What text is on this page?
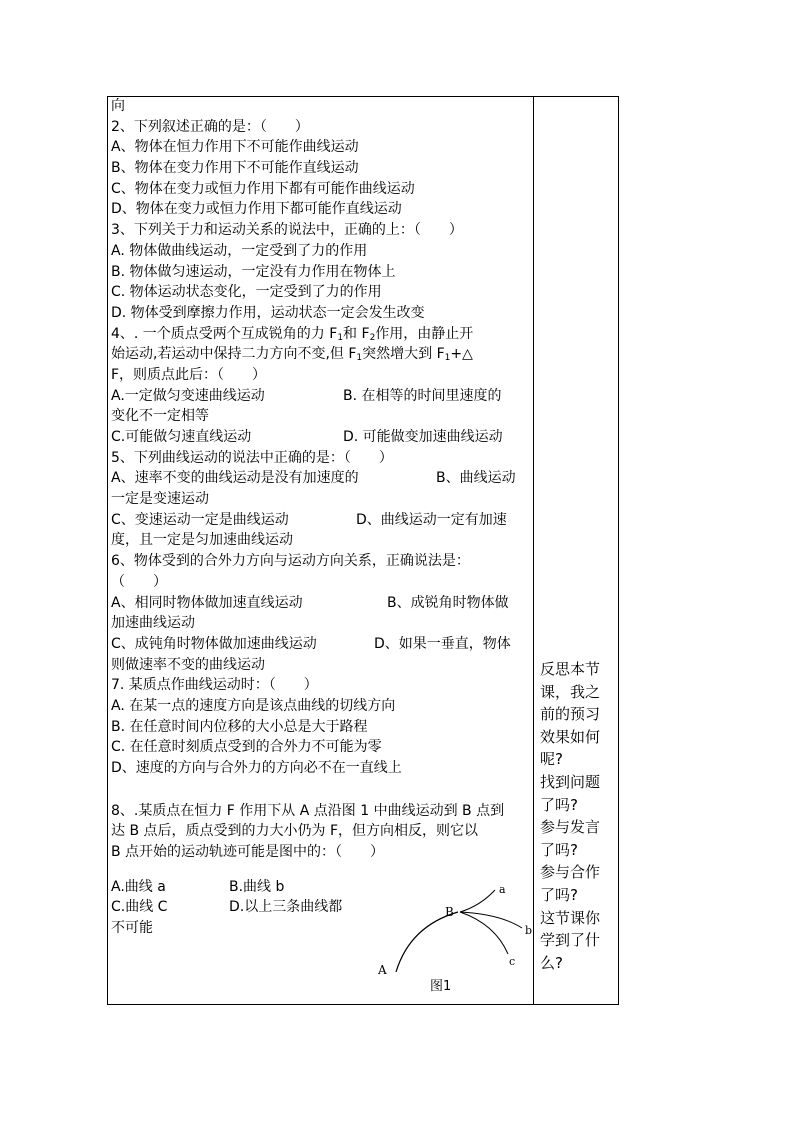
向
2、下列叙述正确的是：（　　）
A、物体在恒力作用下不可能作曲线运动
B、物体在变力作用下不可能作直线运动
C、物体在变力或恒力作用下都有可能作曲线运动
D、物体在变力或恒力作用下都可能作直线运动
3、下列关于力和运动关系的说法中，正确的上：（　　）
A. 物体做曲线运动，一定受到了力的作用
B. 物体做匀速运动，一定没有力作用在物体上
C. 物体运动状态变化，一定受到了力的作用
D. 物体受到摩擦力作用，运动状态一定会发生改变
4、. 一个质点受两个互成锐角的力 $F_1$和 $F_2$作用，由静止开
始运动,若运动中保持二力方向不变,但 $F_1$突然增大到 $F_1+\triangle$
F，则质点此后：（　　）
A.一定做匀变速曲线运动	B. 在相等的时间里速度的
变化不一定相等
C.可能做匀速直线运动	D. 可能做变加速曲线运动
5、下列曲线运动的说法中正确的是：（　　）
A、速率不变的曲线运动是没有加速度的	B、曲线运动
一定是变速运动
C、变速运动一定是曲线运动	D、曲线运动一定有加速
度，且一定是匀加速曲线运动
6、物体受到的合外力方向与运动方向关系，正确说法是：
（　　）
A、相同时物体做加速直线运动	B、成锐角时物体做
加速曲线运动
C、成钝角时物体做加速曲线运动	D、如果一垂直，物体
则做速率不变的曲线运动
7. 某质点作曲线运动时：（　　）
A. 在某一点的速度方向是该点曲线的切线方向
B. 在任意时间内位移的大小总是大于路程
C. 在任意时刻质点受到的合外力不可能为零
D、速度的方向与合外力的方向必不在一直线上
8、.某质点在恒力 F 作用下从 A 点沿图 1 中曲线运动到 B 点到
达 B 点后，质点受到的力大小仍为 F，但方向相反，则它以
B 点开始的运动轨迹可能是图中的：（　　）
A.曲线 a	B.曲线 b
C.曲线 C	D.以上三条曲线都
不可能
a
b
c
A
B
图1
反思本节
课，我之
前的预习
效果如何
呢?
找到问题
了吗?
参与发言
了吗?
参与合作
了吗?
这节课你
学到了什
么?
